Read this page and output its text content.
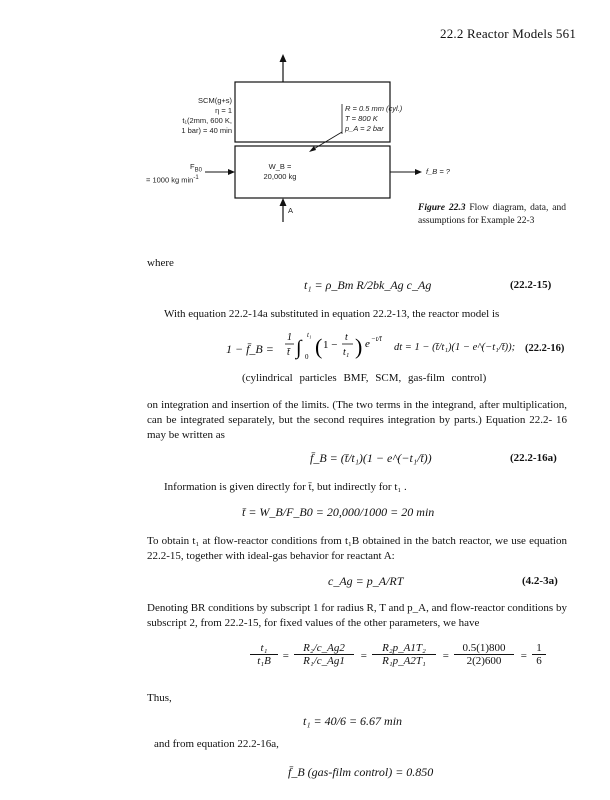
22.2 Reactor Models 561
SCM(g+s)
η = 1
t₁(2mm, 600 K,
1 bar) = 40 min
R = 0.5 mm (cyl.)
T = 800 K
p_A = 2 bar
$F_{B0}$
= 1000 kg $\min^{-1}$
W_B =
20,000 kg
f_B = ?
A	Figure 22.3 Flow diagram, data, and assumptions for Example 22-3
where
t₁ = ρ_Bm R/2bk_Ag c_Ag	(22.2-15)
With equation 22.2-14a substituted in equation 22.2-13, the reactor model is
1 − f̄_B =
1
t̄ ∫
t₁
0 ( 1 −
t
t₁ ) e −t/t̄
dt = 1 − (t̄/t₁)(1 − e^(−t₁/t̄)); (22.2-16)
(cylindrical particles BMF, SCM, gas-film control)
on integration and insertion of the limits. (The two terms in the integrand, after multiplication, can be integrated separately, but the second requires integration by parts.) Equation 22.2- 16 may be written as
f̄_B = (t̄/t₁)(1 − e^(−t₁/t̄))	(22.2-16a)
Information is given directly for t̄, but indirectly for t₁ .
t̄ = W_B/F_B0 = 20,000/1000 = 20 min
To obtain t₁ at flow-reactor conditions from t₁B obtained in the batch reactor, we use equation 22.2-15, together with ideal-gas behavior for reactant A:
c_Ag = p_A/RT	(4.2-3a)
Denoting BR conditions by subscript 1 for radius R, T and p_A, and flow-reactor conditions by subscript 2, from 22.2-15, for fixed values of the other parameters, we have
$\frac{\text{t₁}}{\text{t₁B}} = \frac{\text{R₂/c\_Ag2}}{\text{R₁/c\_Ag1}} = \frac{\text{R₂p\_A1T₂}}{\text{R₁p\_A2T₁}} = \frac{0.5(1)800}{2(2)600} = \frac{1}{6}$
Thus,
t₁ = 40/6 = 6.67 min
and from equation 22.2-16a,
f̄_B (gas-film control) = 0.850
